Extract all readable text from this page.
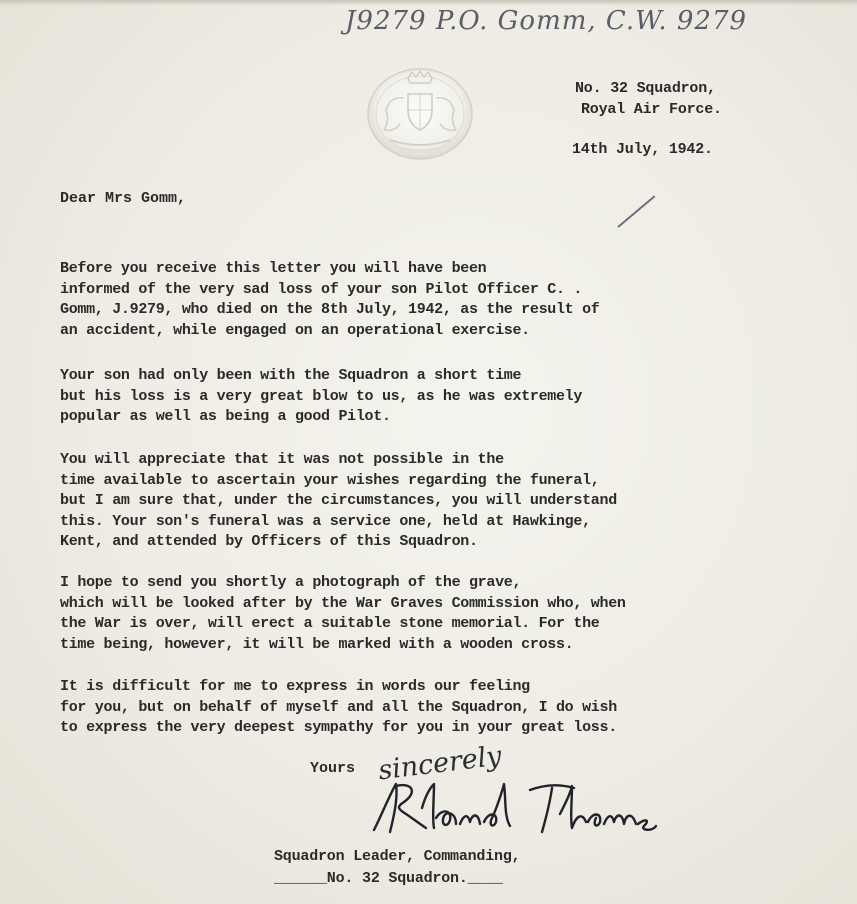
J9279 P.O. Gomm, C.W. 9279
No. 32 Squadron,
Royal Air Force.
14th July, 1942.
Dear Mrs Gomm,
Before you receive this letter you will have been
informed of the very sad loss of your son Pilot Officer C. .
Gomm, J.9279, who died on the 8th July, 1942, as the result of
an accident, while engaged on an operational exercise.
Your son had only been with the Squadron a short time
but his loss is a very great blow to us, as he was extremely
popular as well as being a good Pilot.
You will appreciate that it was not possible in the
time available to ascertain your wishes regarding the funeral,
but I am sure that, under the circumstances, you will understand
this. Your son's funeral was a service one, held at Hawkinge,
Kent, and attended by Officers of this Squadron.
I hope to send you shortly a photograph of the grave,
which will be looked after by the War Graves Commission who, when
the War is over, will erect a suitable stone memorial. For the
time being, however, it will be marked with a wooden cross.
It is difficult for me to express in words our feeling
for you, but on behalf of myself and all the Squadron, I do wish
to express the very deepest sympathy for you in your great loss.
Yours sincerely
Squadron Leader, Commanding,
______No. 32 Squadron.____
